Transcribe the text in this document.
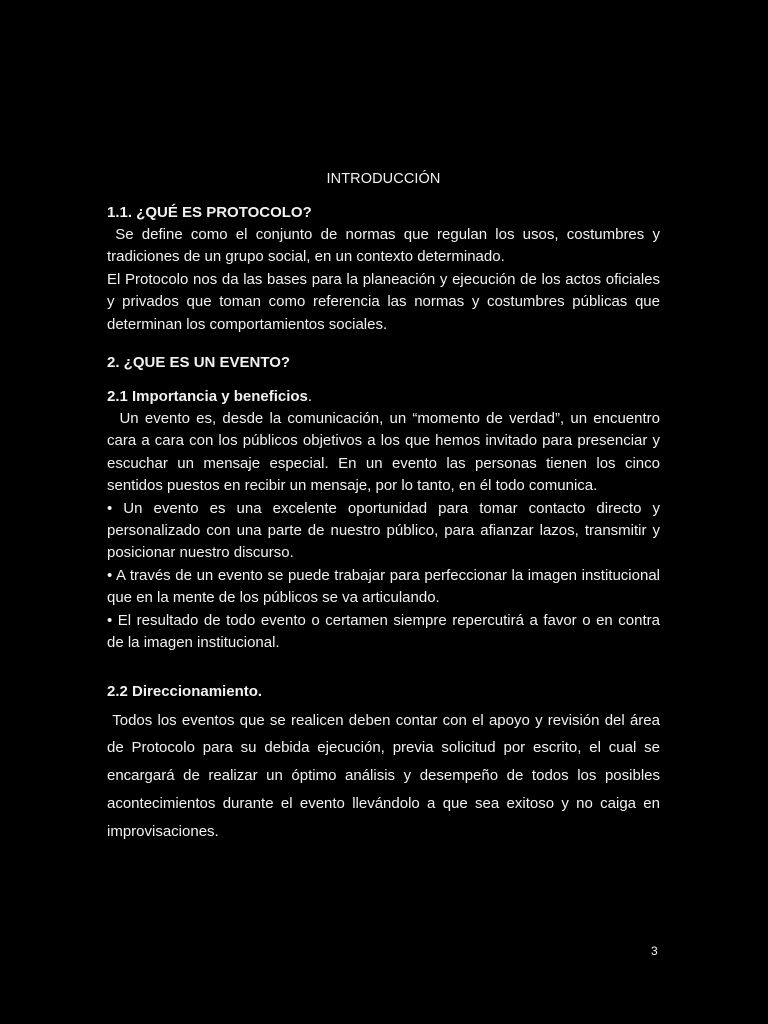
INTRODUCCIÓN

1.1. ¿QUÉ ES PROTOCOLO?

Se define como el conjunto de normas que regulan los usos, costumbres y tradiciones de un grupo social, en un contexto determinado.

El Protocolo nos da las bases para la planeación y ejecución de los actos oficiales y privados que toman como referencia las normas y costumbres públicas que determinan los comportamientos sociales.

2. ¿QUE ES UN EVENTO?

2.1 Importancia y beneficios.

Un evento es, desde la comunicación, un “momento de verdad”, un encuentro cara a cara con los públicos objetivos a los que hemos invitado para presenciar y escuchar un mensaje especial. En un evento las personas tienen los cinco sentidos puestos en recibir un mensaje, por lo tanto, en él todo comunica.

• Un evento es una excelente oportunidad para tomar contacto directo y personalizado con una parte de nuestro público, para afianzar lazos, transmitir y posicionar nuestro discurso.

• A través de un evento se puede trabajar para perfeccionar la imagen institucional que en la mente de los públicos se va articulando.

• El resultado de todo evento o certamen siempre repercutirá a favor o en contra de la imagen institucional.

2.2 Direccionamiento.

Todos los eventos que se realicen deben contar con el apoyo y revisión del área de Protocolo para su debida ejecución, previa solicitud por escrito, el cual se encargará de realizar un óptimo análisis y desempeño de todos los posibles acontecimientos durante el evento llevándolo a que sea exitoso y no caiga en improvisaciones.

3
